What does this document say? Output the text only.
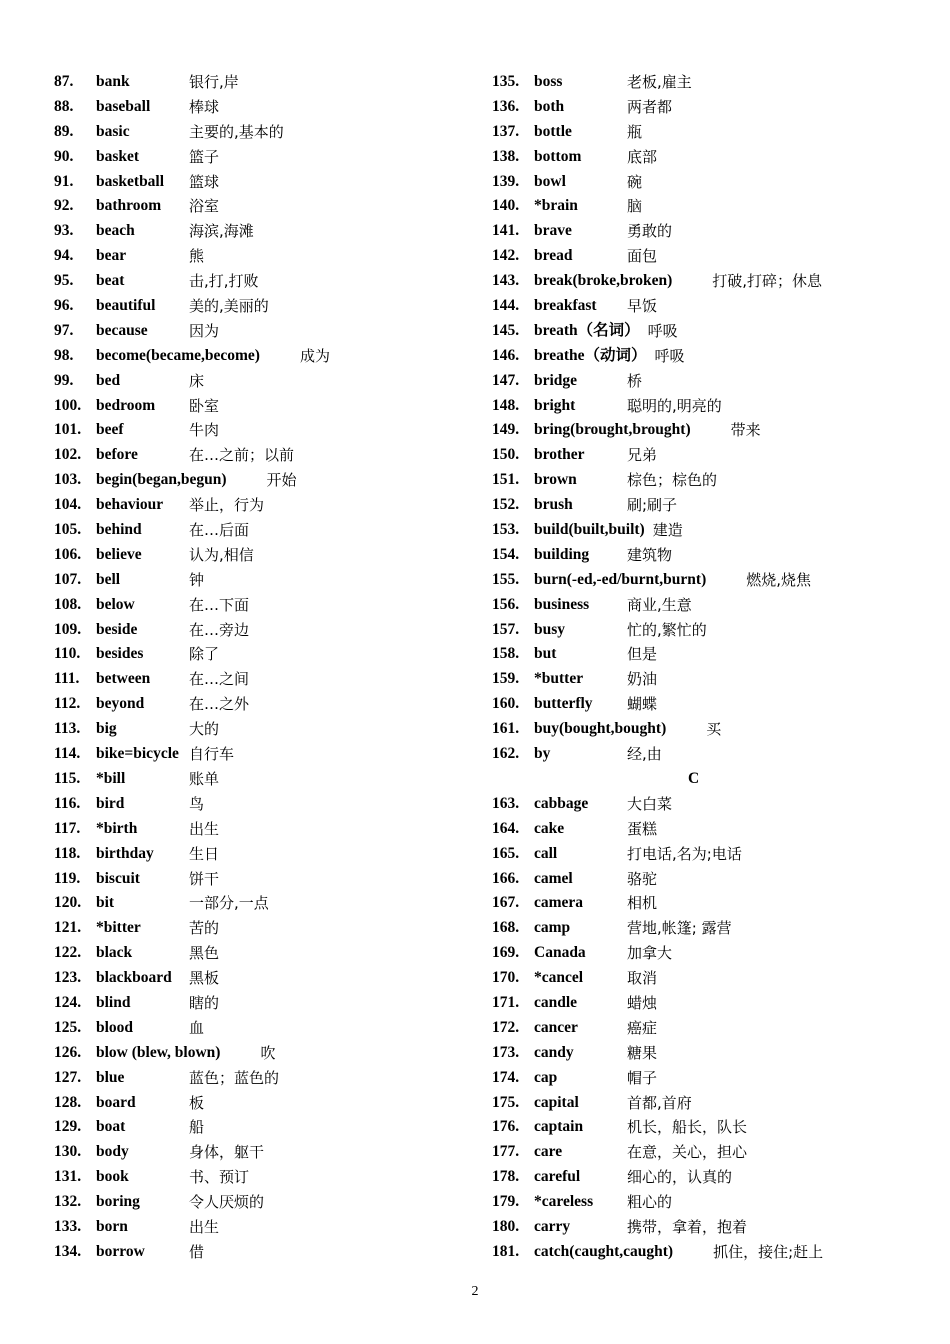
87. bank	银行,岸
88. baseball	棒球
89. basic	主要的,基本的
90. basket	篮子
91. basketball 篮球
92. bathroom 浴室
93. beach	海滨,海滩
94. bear	熊
95. beat	击,打,打败
96. beautiful 美的,美丽的
97. because	因为
98. become(became,become)	成为
99. bed	床
100. bedroom 卧室
101. beef	牛肉
102. before	在…之前；以前
103. begin(began,begun)	开始
104. behaviour 举止，行为
105. behind	在…后面
106. believe	认为,相信
107. bell	钟
108. below	在…下面
109. beside	在…旁边
110. besides	除了
111. between	在…之间
112. beyond	在…之外
113. big	大的
114. bike=bicycle 自行车
115. *bill	账单
116. bird	鸟
117. *birth	出生
118. birthday 生日
119. biscuit	饼干
120. bit	一部分,一点
121. *bitter	苦的
122. black	黑色
123. blackboard 黑板
124. blind	瞎的
125. blood	血
126. blow (blew, blown)	吹
127. blue	蓝色；蓝色的
128. board	板
129. boat	船
130. body	身体，躯干
131. book	书、预订
132. boring	令人厌烦的
133. born	出生
134. borrow	借
135. boss	老板,雇主
136. both	两者都
137. bottle	瓶
138. bottom	底部
139. bowl	碗
140. *brain	脑
141. brave	勇敢的
142. bread	面包
143. break(broke,broken)	打破,打碎；休息
144. breakfast 早饭
145. breath（名词） 呼吸
146. breathe（动词） 呼吸
147. bridge	桥
148. bright	聪明的,明亮的
149. bring(brought,brought)	带来
150. brother	兄弟
151. brown	棕色；棕色的
152. brush	刷;刷子
153. build(built,built) 建造
154. building	建筑物
155. burn(-ed,-ed/burnt,burnt)	燃烧,烧焦
156. business	商业,生意
157. busy	忙的,繁忙的
158. but	但是
159. *butter	奶油
160. butterfly 蝴蝶
161. buy(bought,bought)	买
162. by	经,由
C
163. cabbage	大白菜
164. cake	蛋糕
165. call	打电话,名为;电话
166. camel	骆驼
167. camera	相机
168. camp	营地,帐篷; 露营
169. Canada	加拿大
170. *cancel	取消
171. candle	蜡烛
172. cancer	癌症
173. candy	糖果
174. cap	帽子
175. capital	首都,首府
176. captain	机长，船长，队长
177. care	在意，关心，担心
178. careful	细心的，认真的
179. *careless 粗心的
180. carry	携带，拿着，抱着
181. catch(caught,caught)	抓住，接住;赶上
2
